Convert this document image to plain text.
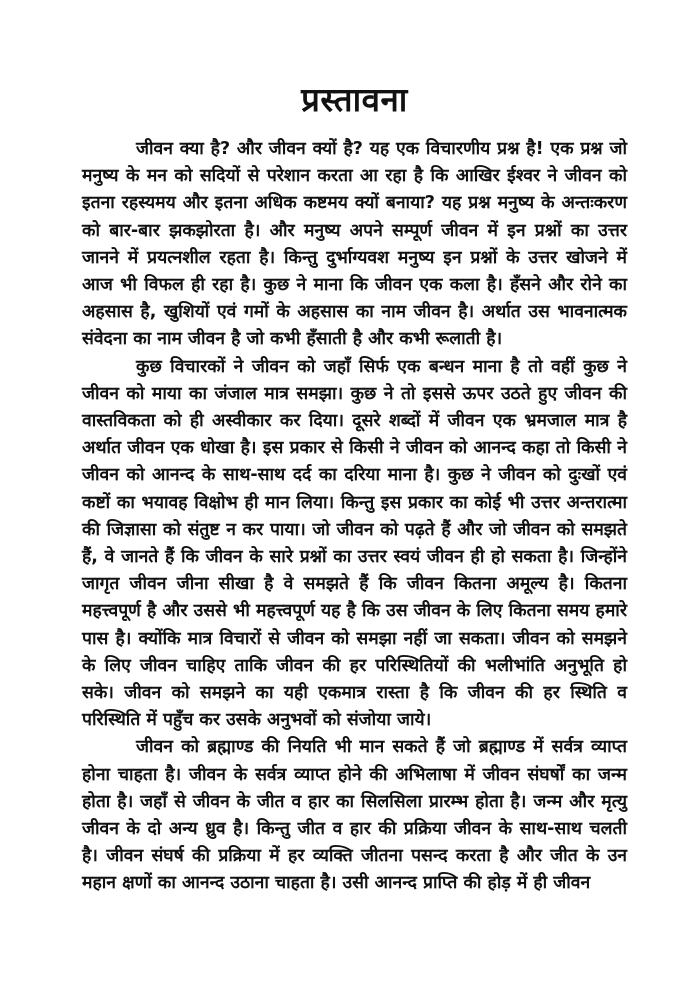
प्रस्तावना

जीवन क्या है? और जीवन क्यों है? यह एक विचारणीय प्रश्न है! एक प्रश्न जो मनुष्य के मन को सदियों से परेशान करता आ रहा है कि आखिर ईश्वर ने जीवन को इतना रहस्यमय और इतना अधिक कष्टमय क्यों बनाया? यह प्रश्न मनुष्य के अन्तःकरण को बार-बार झकझोरता है। और मनुष्य अपने सम्पूर्ण जीवन में इन प्रश्नों का उत्तर जानने में प्रयत्नशील रहता है। किन्तु दुर्भाग्यवश मनुष्य इन प्रश्नों के उत्तर खोजने में आज भी विफल ही रहा है। कुछ ने माना कि जीवन एक कला है। हँसने और रोने का अहसास है, खुशियों एवं गमों के अहसास का नाम जीवन है। अर्थात उस भावनात्मक संवेदना का नाम जीवन है जो कभी हँसाती है और कभी रूलाती है।

कुछ विचारकों ने जीवन को जहाँ सिर्फ एक बन्धन माना है तो वहीं कुछ ने जीवन को माया का जंजाल मात्र समझा। कुछ ने तो इससे ऊपर उठते हुए जीवन की वास्तविकता को ही अस्वीकार कर दिया। दूसरे शब्दों में जीवन एक भ्रमजाल मात्र है अर्थात जीवन एक धोखा है। इस प्रकार से किसी ने जीवन को आनन्द कहा तो किसी ने जीवन को आनन्द के साथ-साथ दर्द का दरिया माना है। कुछ ने जीवन को दुःखों एवं कष्टों का भयावह विक्षोभ ही मान लिया। किन्तु इस प्रकार का कोई भी उत्तर अन्तरात्मा की जिज्ञासा को संतुष्ट न कर पाया। जो जीवन को पढ़ते हैं और जो जीवन को समझते हैं, वे जानते हैं कि जीवन के सारे प्रश्नों का उत्तर स्वयं जीवन ही हो सकता है। जिन्होंने जागृत जीवन जीना सीखा है वे समझते हैं कि जीवन कितना अमूल्य है। कितना महत्त्वपूर्ण है और उससे भी महत्त्वपूर्ण यह है कि उस जीवन के लिए कितना समय हमारे पास है। क्योंकि मात्र विचारों से जीवन को समझा नहीं जा सकता। जीवन को समझने के लिए जीवन चाहिए ताकि जीवन की हर परिस्थितियों की भलीभांति अनुभूति हो सके। जीवन को समझने का यही एकमात्र रास्ता है कि जीवन की हर स्थिति व परिस्थिति में पहुँच कर उसके अनुभवों को संजोया जाये।

जीवन को ब्रह्माण्ड की नियति भी मान सकते हैं जो ब्रह्माण्ड में सर्वत्र व्याप्त होना चाहता है। जीवन के सर्वत्र व्याप्त होने की अभिलाषा में जीवन संघर्षों का जन्म होता है। जहाँ से जीवन के जीत व हार का सिलसिला प्रारम्भ होता है। जन्म और मृत्यु जीवन के दो अन्य ध्रुव है। किन्तु जीत व हार की प्रक्रिया जीवन के साथ-साथ चलती है। जीवन संघर्ष की प्रक्रिया में हर व्यक्ति जीतना पसन्द करता है और जीत के उन महान क्षणों का आनन्द उठाना चाहता है। उसी आनन्द प्राप्ति की होड़ में ही जीवन
